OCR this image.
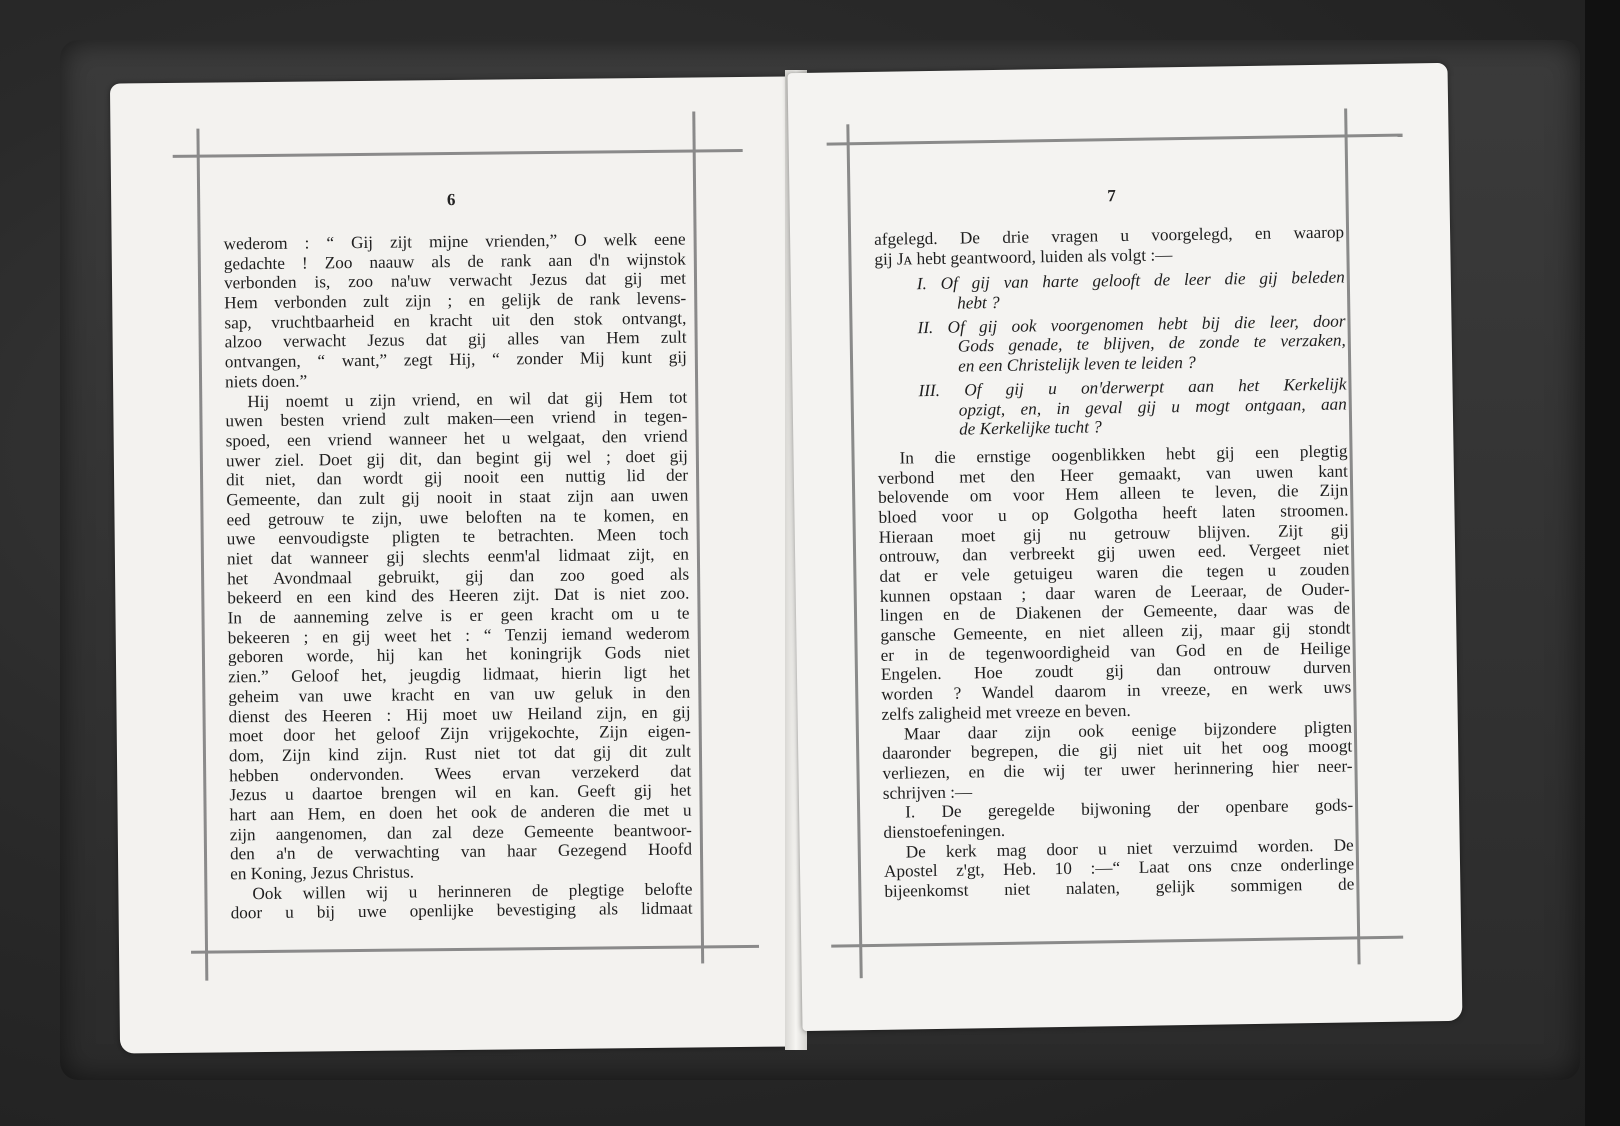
6
wederom : “ Gij zijt mijne vrienden,” O welk eene
gedachte ! Zoo naauw als de rank aan dꞌn wijnstok
verbonden is, zoo naꞌuw verwacht Jezus dat gij met
Hem verbonden zult zijn ; en gelijk de rank levens-
sap, vruchtbaarheid en kracht uit den stok ontvangt,
alzoo verwacht Jezus dat gij alles van Hem zult
ontvangen, “ want,” zegt Hij, “ zonder Mij kunt gij
niets doen.”
Hij noemt u zijn vriend, en wil dat gij Hem tot
uwen besten vriend zult maken—een vriend in tegen-
spoed, een vriend wanneer het u welgaat, den vriend
uwer ziel. Doet gij dit, dan begint gij wel ; doet gij
dit niet, dan wordt gij nooit een nuttig lid der
Gemeente, dan zult gij nooit in staat zijn aan uwen
eed getrouw te zijn, uwe beloften na te komen, en
uwe eenvoudigste pligten te betrachten. Meen toch
niet dat wanneer gij slechts eenmꞌal lidmaat zijt, en
het Avondmaal gebruikt, gij dan zoo goed als
bekeerd en een kind des Heeren zijt. Dat is niet zoo.
In de aanneming zelve is er geen kracht om u te
bekeeren ; en gij weet het : “ Tenzij iemand wederom
geboren worde, hij kan het koningrijk Gods niet
zien.” Geloof het, jeugdig lidmaat, hierin ligt het
geheim van uwe kracht en van uw geluk in den
dienst des Heeren : Hij moet uw Heiland zijn, en gij
moet door het geloof Zijn vrijgekochte, Zijn eigen-
dom, Zijn kind zijn. Rust niet tot dat gij dit zult
hebben ondervonden. Wees ervan verzekerd dat
Jezus u daartoe brengen wil en kan. Geeft gij het
hart aan Hem, en doen het ook de anderen die met u
zijn aangenomen, dan zal deze Gemeente beantwoor-
den aꞌn de verwachting van haar Gezegend Hoofd
en Koning, Jezus Christus.
Ook willen wij u herinneren de plegtige belofte
door u bij uwe openlijke bevestiging als lidmaat
7
afgelegd. De drie vragen u voorgelegd, en waarop
gij Jᴀ hebt geantwoord, luiden als volgt :—
I. Of gij van harte gelooft de leer die gij beleden
hebt ?
II. Of gij ook voorgenomen hebt bij die leer, door
Gods genade, te blijven, de zonde te verzaken,
en een Christelijk leven te leiden ?
III. Of gij u onꞌderwerpt aan het Kerkelijk
opzigt, en, in geval gij u mogt ontgaan, aan
de Kerkelijke tucht ?
In die ernstige oogenblikken hebt gij een plegtig
verbond met den Heer gemaakt, van uwen kant
belovende om voor Hem alleen te leven, die Zijn
bloed voor u op Golgotha heeft laten stroomen.
Hieraan moet gij nu getrouw blijven. Zijt gij
ontrouw, dan verbreekt gij uwen eed. Vergeet niet
dat er vele getuigeu waren die tegen u zouden
kunnen opstaan ; daar waren de Leeraar, de Ouder-
lingen en de Diakenen der Gemeente, daar was de
gansche Gemeente, en niet alleen zij, maar gij stondt
er in de tegenwoordigheid van God en de Heilige
Engelen. Hoe zoudt gij dan ontrouw durven
worden ? Wandel daarom in vreeze, en werk uws
zelfs zaligheid met vreeze en beven.
Maar daar zijn ook eenige bijzondere pligten
daaronder begrepen, die gij niet uit het oog moogt
verliezen, en die wij ter uwer herinnering hier neer-
schrijven :—
I. De geregelde bijwoning der openbare gods-
dienstoefeningen.
De kerk mag door u niet verzuimd worden. De
Apostel zꞌgt, Heb. 10 :—“ Laat ons cnze onderlinge
bijeenkomst niet nalaten, gelijk sommigen de
